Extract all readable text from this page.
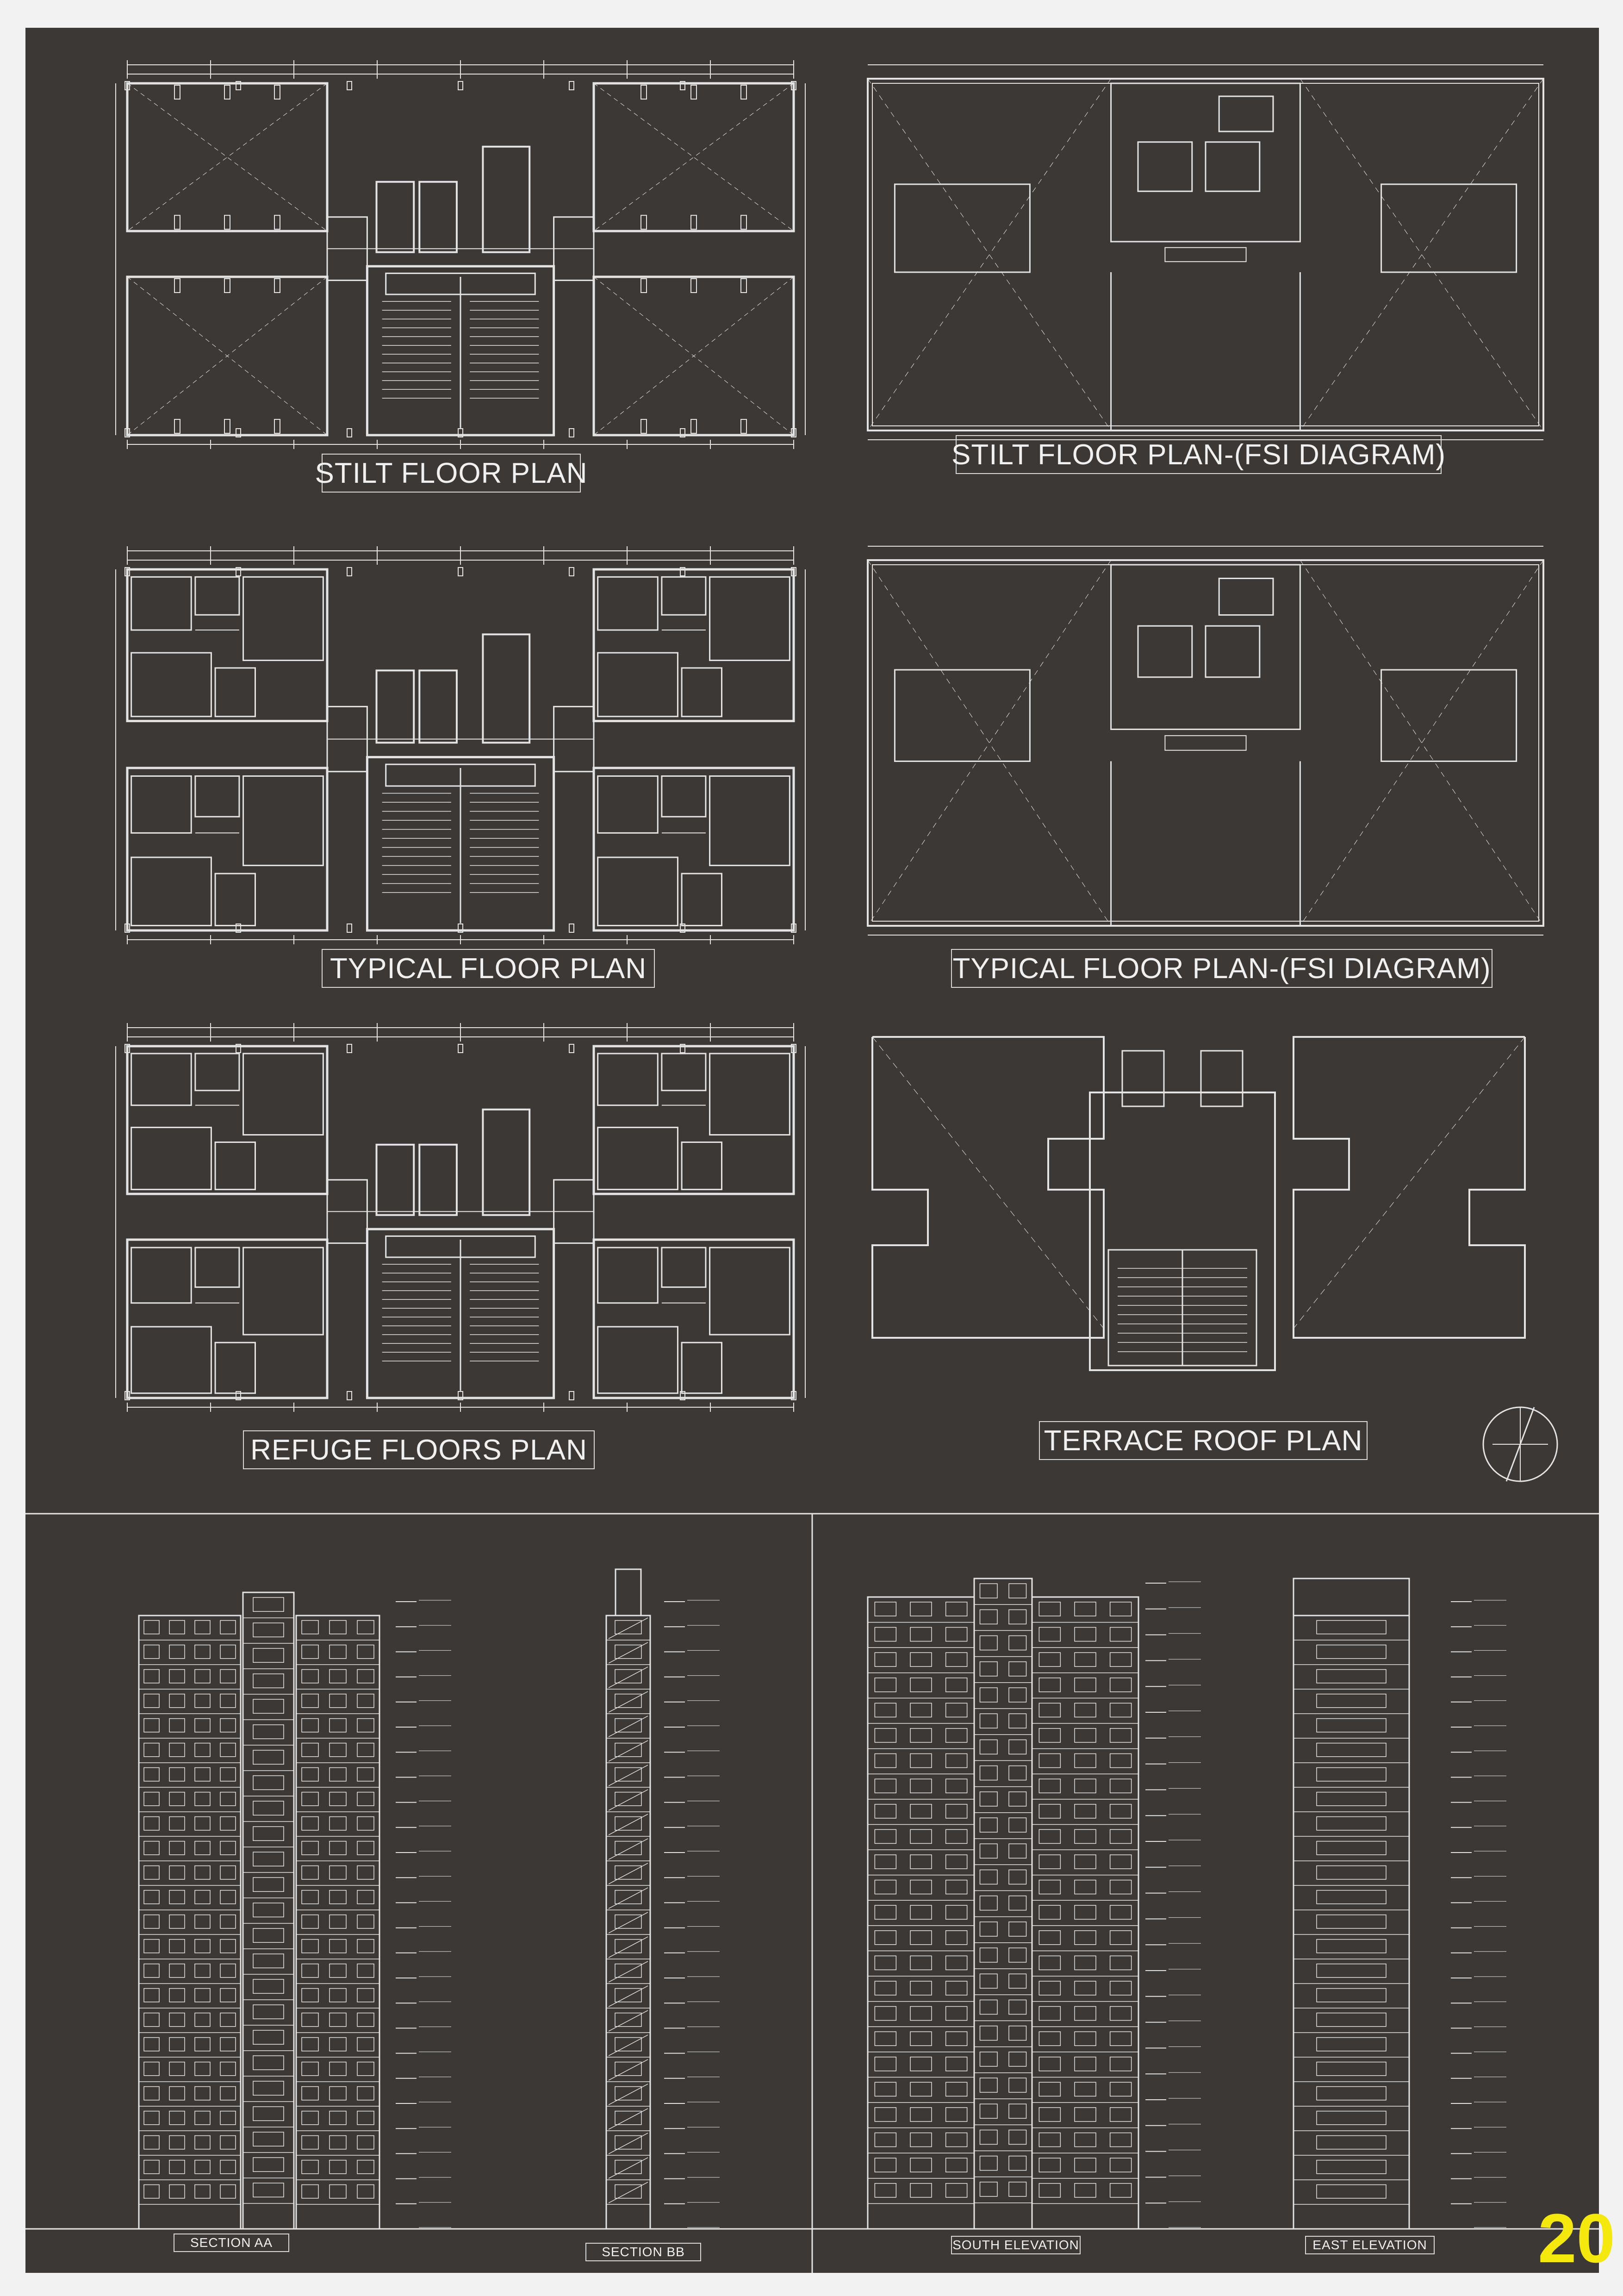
STILT FLOOR PLAN
STILT FLOOR PLAN-(FSI DIAGRAM)
TYPICAL FLOOR PLAN	TYPICAL FLOOR PLAN-(FSI DIAGRAM)
REFUGE FLOORS PLAN	TERRACE ROOF PLAN
SECTION AA
SECTION BB	SOUTH ELEVATION	EAST ELEVATION 20
